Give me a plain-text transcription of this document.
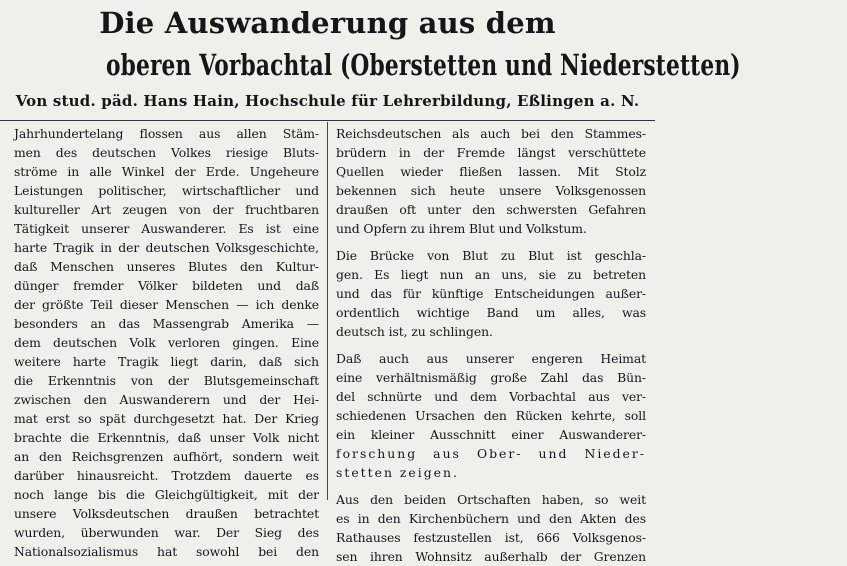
Die Auswanderung aus dem
oberen Vorbachtal (Oberstetten und Niederstetten)
Von stud. päd. Hans Hain, Hochschule für Lehrerbildung, Eßlingen a. N.
Jahrhundertelang flossen aus allen Stäm-
men des deutschen Volkes riesige Bluts-
ströme in alle Winkel der Erde. Ungeheure
Leistungen politischer, wirtschaftlicher und
kultureller Art zeugen von der fruchtbaren
Tätigkeit unserer Auswanderer. Es ist eine
harte Tragik in der deutschen Volksgeschichte,
daß Menschen unseres Blutes den Kultur-
dünger fremder Völker bildeten und daß
der größte Teil dieser Menschen — ich denke
besonders an das Massengrab Amerika —
dem deutschen Volk verloren gingen. Eine
weitere harte Tragik liegt darin, daß sich
die Erkenntnis von der Blutsgemeinschaft
zwischen den Auswanderern und der Hei-
mat erst so spät durchgesetzt hat. Der Krieg
brachte die Erkenntnis, daß unser Volk nicht
an den Reichsgrenzen aufhört, sondern weit
darüber hinausreicht. Trotzdem dauerte es
noch lange bis die Gleichgültigkeit, mit der
unsere Volksdeutschen draußen betrachtet
wurden, überwunden war. Der Sieg des
Nationalsozialismus hat sowohl bei den
Reichsdeutschen als auch bei den Stammes-
brüdern in der Fremde längst verschüttete
Quellen wieder fließen lassen. Mit Stolz
bekennen sich heute unsere Volksgenossen
draußen oft unter den schwersten Gefahren
und Opfern zu ihrem Blut und Volkstum.
Die Brücke von Blut zu Blut ist geschla-
gen. Es liegt nun an uns, sie zu betreten
und das für künftige Entscheidungen außer-
ordentlich wichtige Band um alles, was
deutsch ist, zu schlingen.
Daß auch aus unserer engeren Heimat
eine verhältnismäßig große Zahl das Bün-
del schnürte und dem Vorbachtal aus ver-
schiedenen Ursachen den Rücken kehrte, soll
ein kleiner Ausschnitt einer Auswanderer-
forschung aus Ober- und Nieder-
stetten zeigen.
Aus den beiden Ortschaften haben, so weit
es in den Kirchenbüchern und den Akten des
Rathauses festzustellen ist, 666 Volksgenos-
sen ihren Wohnsitz außerhalb der Grenzen
